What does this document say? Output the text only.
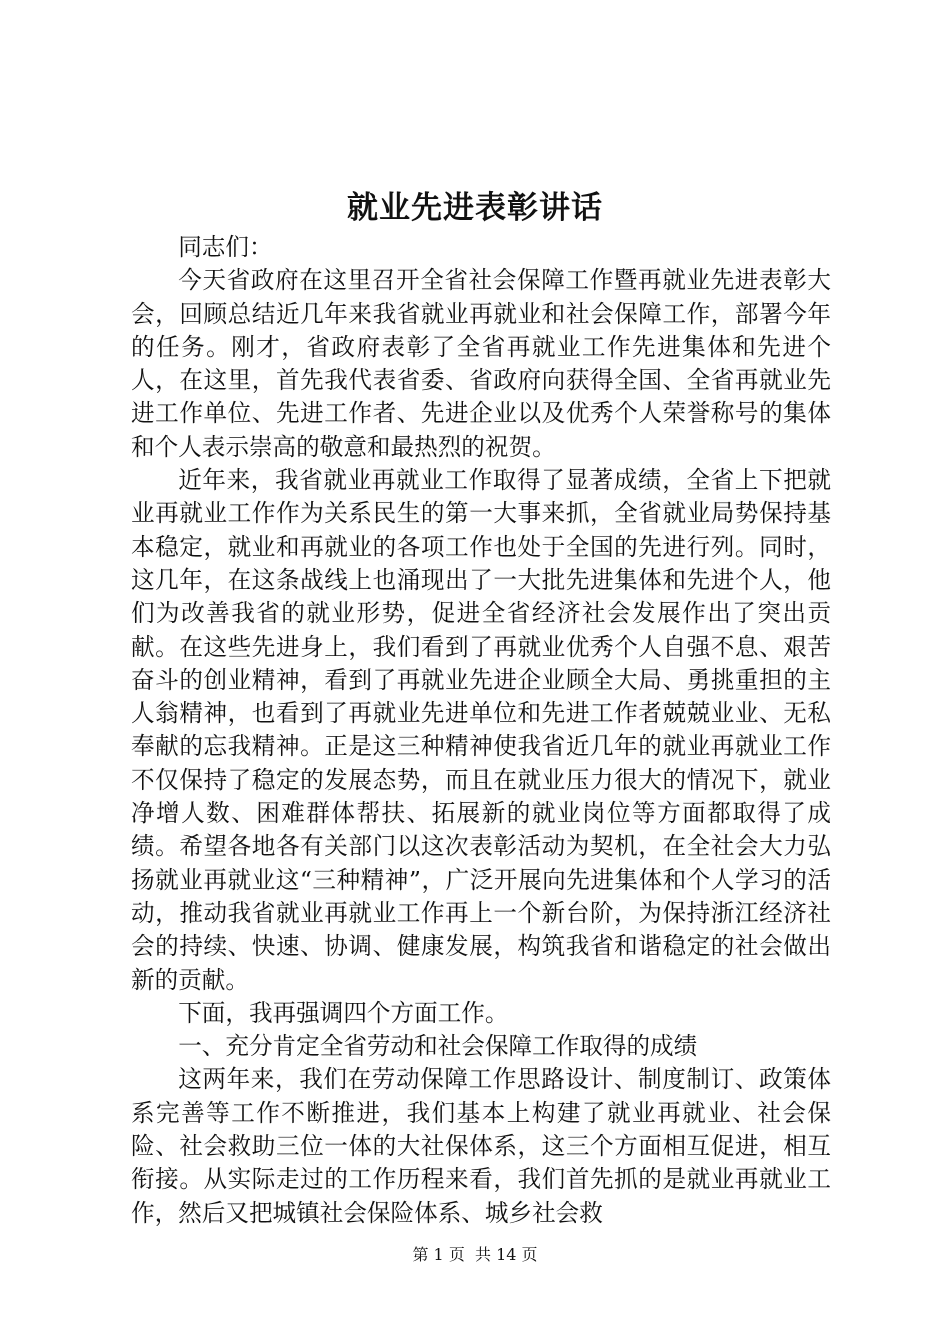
就业先进表彰讲话

同志们：

今天省政府在这里召开全省社会保障工作暨再就业先进表彰大会，回顾总结近几年来我省就业再就业和社会保障工作，部署今年的任务。刚才，省政府表彰了全省再就业工作先进集体和先进个人，在这里，首先我代表省委、省政府向获得全国、全省再就业先进工作单位、先进工作者、先进企业以及优秀个人荣誉称号的集体和个人表示崇高的敬意和最热烈的祝贺。

近年来，我省就业再就业工作取得了显著成绩，全省上下把就业再就业工作作为关系民生的第一大事来抓，全省就业局势保持基本稳定，就业和再就业的各项工作也处于全国的先进行列。同时，这几年，在这条战线上也涌现出了一大批先进集体和先进个人，他们为改善我省的就业形势，促进全省经济社会发展作出了突出贡献。在这些先进身上，我们看到了再就业优秀个人自强不息、艰苦奋斗的创业精神，看到了再就业先进企业顾全大局、勇挑重担的主人翁精神，也看到了再就业先进单位和先进工作者兢兢业业、无私奉献的忘我精神。正是这三种精神使我省近几年的就业再就业工作不仅保持了稳定的发展态势，而且在就业压力很大的情况下，就业净增人数、困难群体帮扶、拓展新的就业岗位等方面都取得了成绩。希望各地各有关部门以这次表彰活动为契机，在全社会大力弘扬就业再就业这“三种精神”，广泛开展向先进集体和个人学习的活动，推动我省就业再就业工作再上一个新台阶，为保持浙江经济社会的持续、快速、协调、健康发展，构筑我省和谐稳定的社会做出新的贡献。

下面，我再强调四个方面工作。

一、充分肯定全省劳动和社会保障工作取得的成绩

这两年来，我们在劳动保障工作思路设计、制度制订、政策体系完善等工作不断推进，我们基本上构建了就业再就业、社会保险、社会救助三位一体的大社保体系，这三个方面相互促进，相互衔接。从实际走过的工作历程来看，我们首先抓的是就业再就业工作，然后又把城镇社会保险体系、城乡社会救

第 1 页  共 14 页
